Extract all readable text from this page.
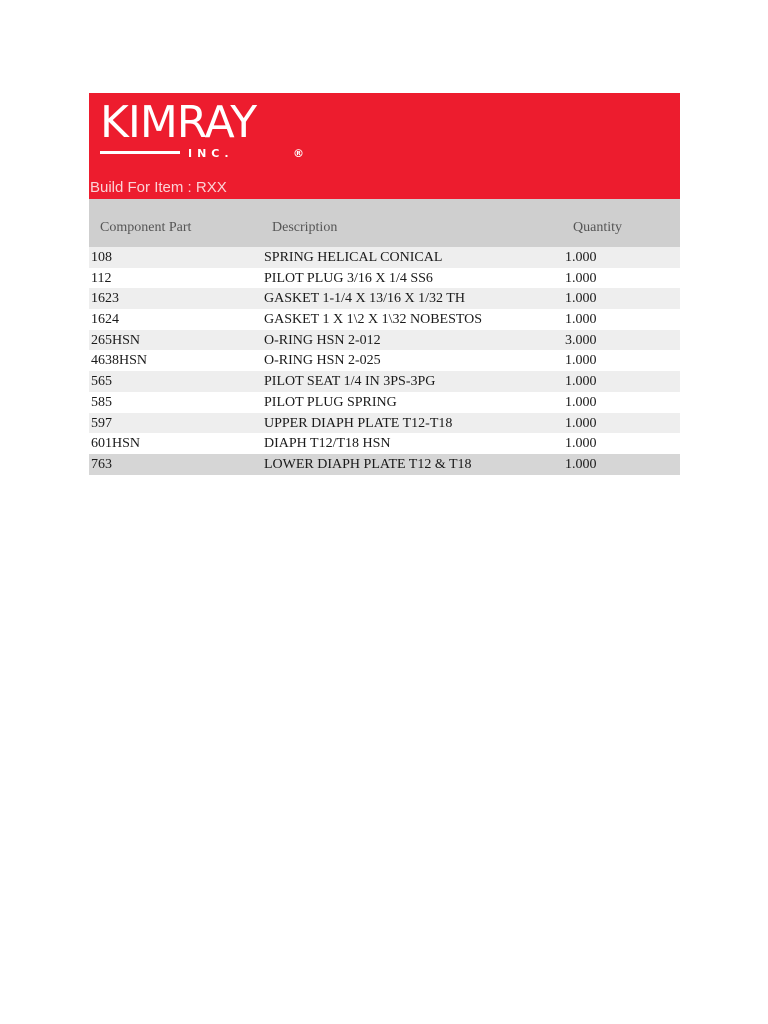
KIMRAY
INC.	®
Build For Item : RXX
Component Part	Description	Quantity
108	SPRING HELICAL CONICAL	1.000
112	PILOT PLUG 3/16 X 1/4 SS6	1.000
1623	GASKET 1-1/4 X 13/16 X 1/32 TH	1.000
1624	GASKET 1 X 1\2 X 1\32 NOBESTOS	1.000
265HSN	O-RING HSN 2-012	3.000
4638HSN	O-RING HSN 2-025	1.000
565	PILOT SEAT 1/4 IN 3PS-3PG	1.000
585	PILOT PLUG SPRING	1.000
597	UPPER DIAPH PLATE T12-T18	1.000
601HSN	DIAPH T12/T18 HSN	1.000
763	LOWER DIAPH PLATE T12 & T18	1.000
